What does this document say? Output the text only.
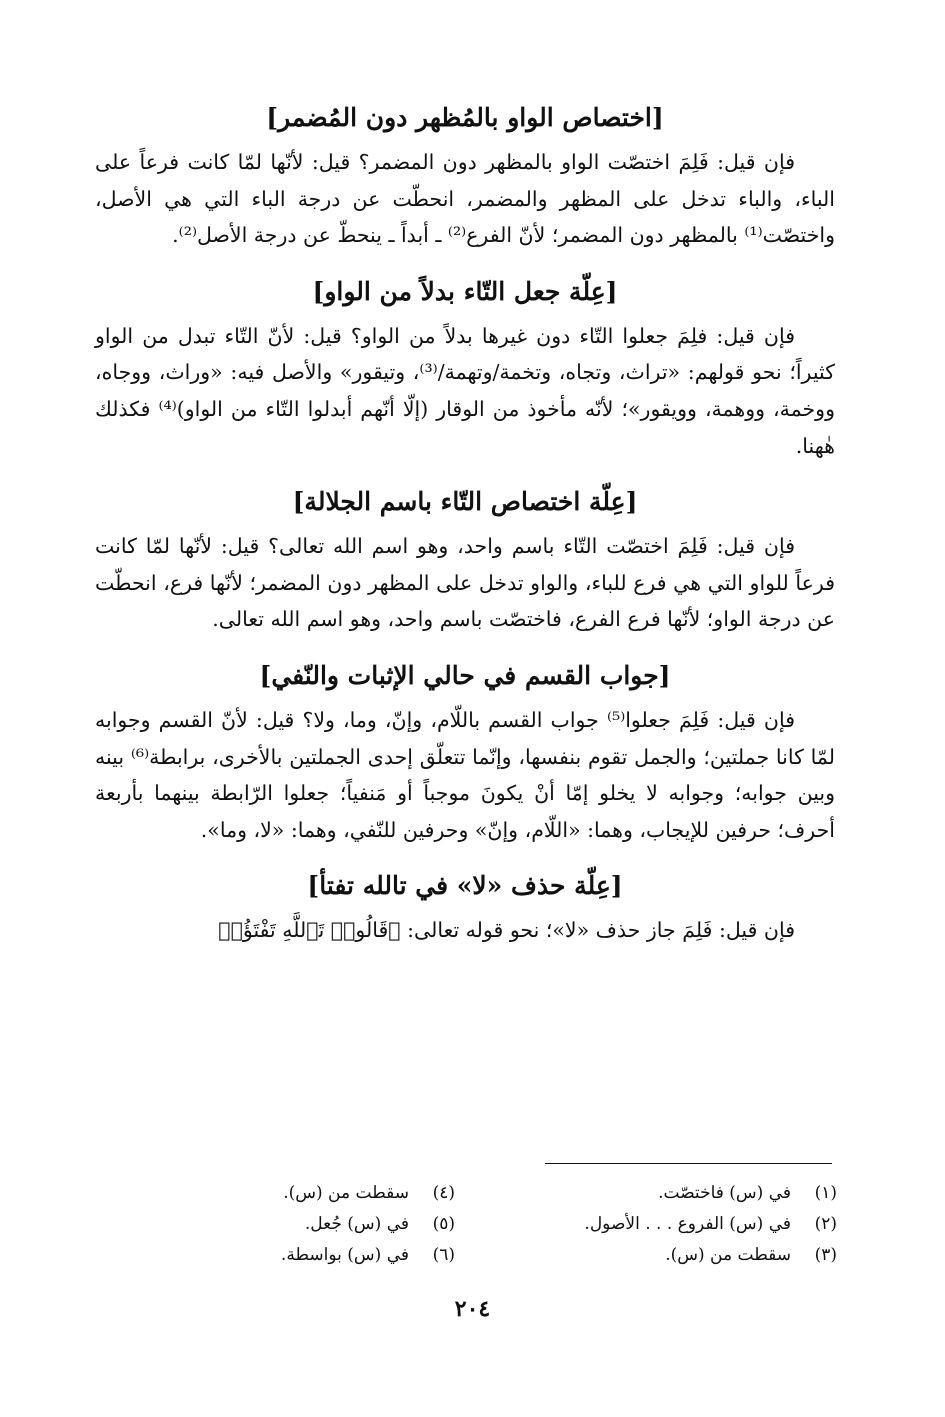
[اختصاص الواو بالمُظهر دون المُضمر]

فإن قيل: فَلِمَ اختصّت الواو بالمظهر دون المضمر؟ قيل: لأنّها لمّا كانت فرعاً على الباء، والباء تدخل على المظهر والمضمر، انحطّت عن درجة الباء التي هي الأصل، واختصّت⁽¹⁾ بالمظهر دون المضمر؛ لأنّ الفرع⁽²⁾ ـ أبداً ـ ينحطّ عن درجة الأصل⁽²⁾.

[عِلّة جعل التّاء بدلاً من الواو]

فإن قيل: فلِمَ جعلوا التّاء دون غيرها بدلاً من الواو؟ قيل: لأنّ التّاء تبدل من الواو كثيراً؛ نحو قولهم: «تراث، وتجاه، وتخمة/وتهمة/⁽³⁾، وتيقور» والأصل فيه: «وراث، ووجاه، ووخمة، ووهمة، وويقور»؛ لأنّه مأخوذ من الوقار (إلّا أنّهم أبدلوا التّاء من الواو)⁽⁴⁾ فكذلك هٰهنا.

[عِلّة اختصاص التّاء باسم الجلالة]

فإن قيل: فَلِمَ اختصّت التّاء باسم واحد، وهو اسم الله تعالى؟ قيل: لأنّها لمّا كانت فرعاً للواو التي هي فرع للباء، والواو تدخل على المظهر دون المضمر؛ لأنّها فرع، انحطّت عن درجة الواو؛ لأنّها فرع الفرع، فاختصّت باسم واحد، وهو اسم الله تعالى.

[جواب القسم في حالي الإثبات والنّفي]

فإن قيل: فَلِمَ جعلوا⁽⁵⁾ جواب القسم باللّام، وإنّ، وما، ولا؟ قيل: لأنّ القسم وجوابه لمّا كانا جملتين؛ والجمل تقوم بنفسها، وإنّما تتعلّق إحدى الجملتين بالأخرى، برابطة⁽⁶⁾ بينه وبين جوابه؛ وجوابه لا يخلو إمّا أنْ يكونَ موجباً أو مَنفياً؛ جعلوا الرّابطة بينهما بأربعة أحرف؛ حرفين للإيجاب، وهما: «اللّام، وإنّ» وحرفين للنّفي، وهما: «لا، وما».

[عِلّة حذف «لا» في تالله تفتأ]

فإن قيل: فَلِمَ جاز حذف «لا»؛ نحو قوله تعالى: ﴿قَالُوا۟ تَٱللَّهِ تَفْتَؤُا۟

(١)في (س) فاختصّت.
(٢)في (س) الفروع . . . الأصول.
(٣)سقطت من (س).
(٤)سقطت من (س).
(٥)في (س) جُعل.
(٦)في (س) بواسطة.
٢٠٤
